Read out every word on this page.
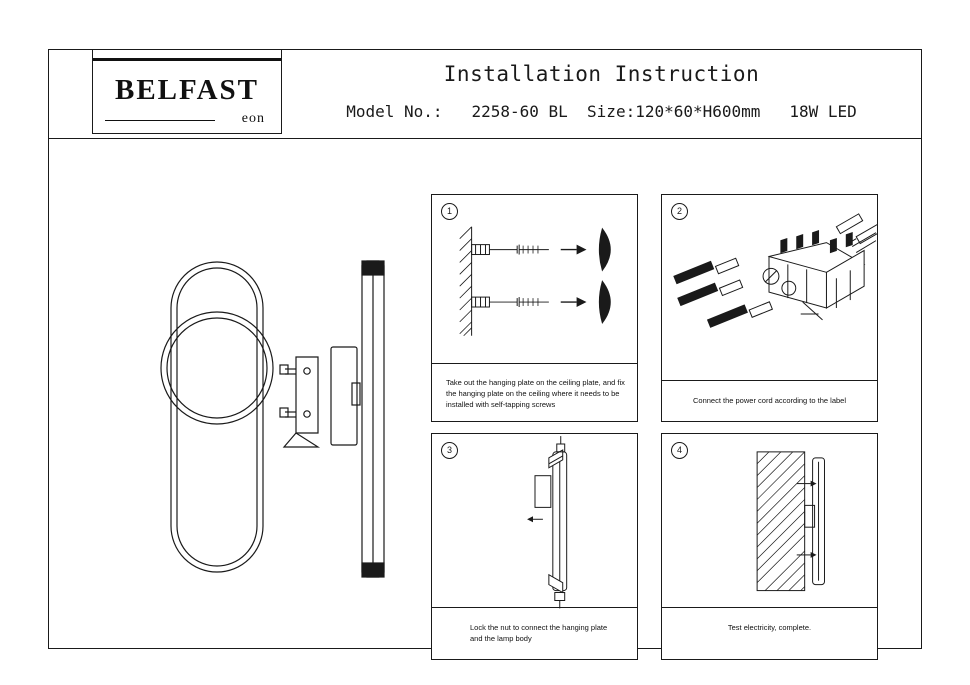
BELFAST
eon
Installation Instruction
Model No.:   2258-60 BL  Size:120*60*H600mm   18W LED
1
Take out the hanging plate on the ceiling plate, and fix the hanging plate on the ceiling where it needs to be installed with self-tapping screws
2
Connect the power cord according to the label
3
Lock the nut to connect the hanging plate and the lamp body
4
Test electricity, complete.
